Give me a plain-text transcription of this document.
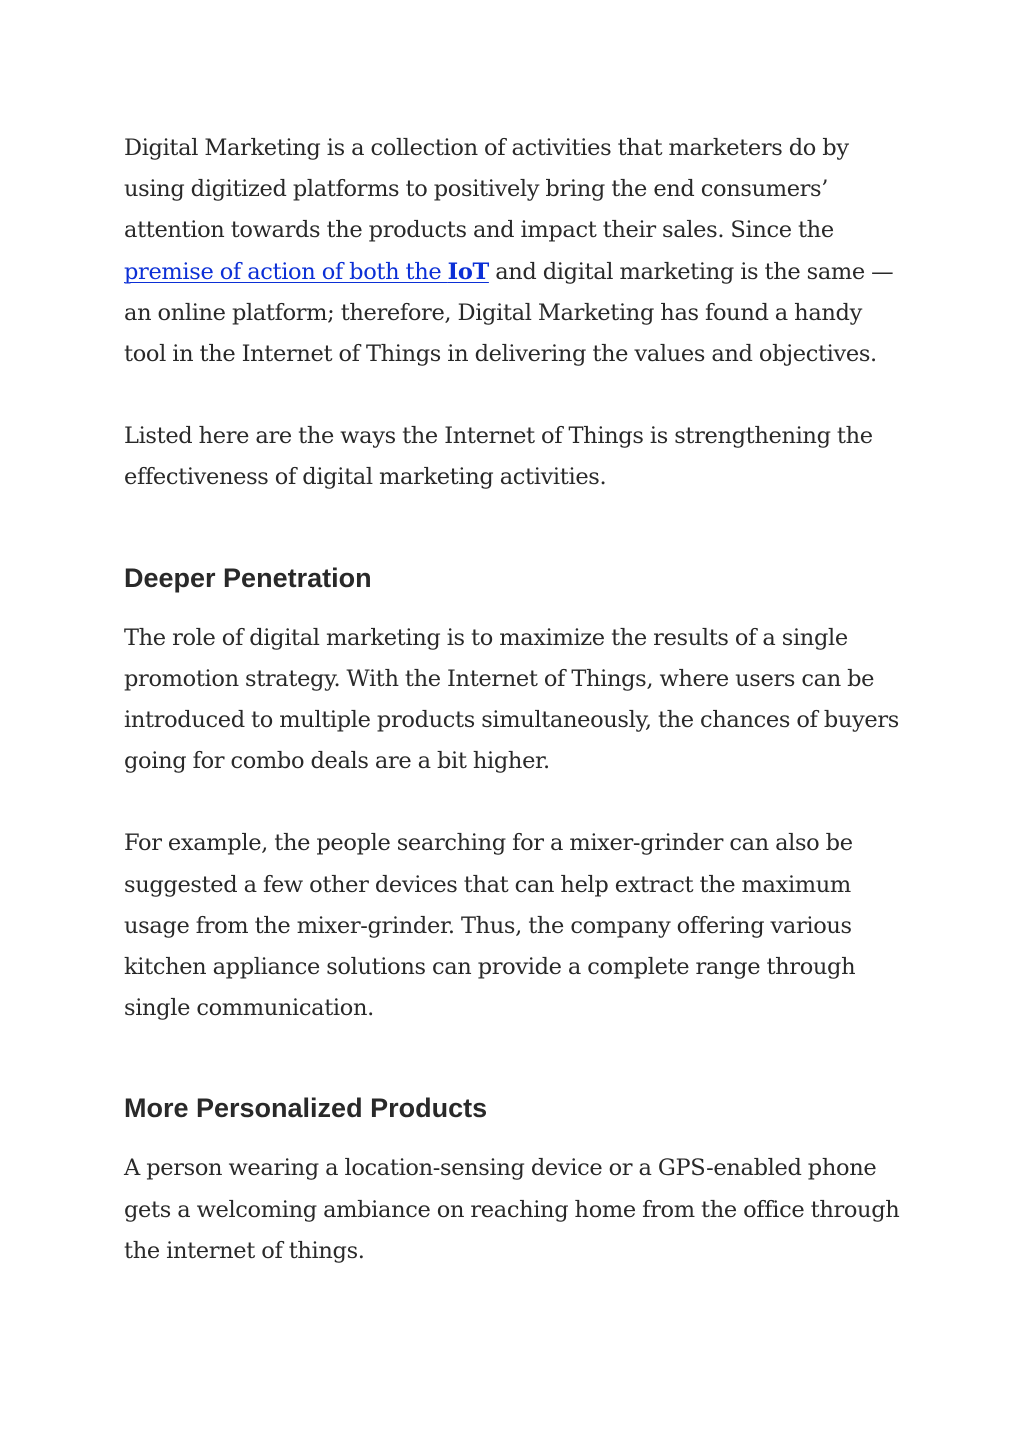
Digital Marketing is a collection of activities that marketers do by using digitized platforms to positively bring the end consumers’ attention towards the products and impact their sales. Since the premise of action of both the IoT and digital marketing is the same — an online platform; therefore, Digital Marketing has found a handy tool in the Internet of Things in delivering the values and objectives.

Listed here are the ways the Internet of Things is strengthening the effectiveness of digital marketing activities.

Deeper Penetration

The role of digital marketing is to maximize the results of a single promotion strategy. With the Internet of Things, where users can be introduced to multiple products simultaneously, the chances of buyers going for combo deals are a bit higher.

For example, the people searching for a mixer-grinder can also be suggested a few other devices that can help extract the maximum usage from the mixer-grinder. Thus, the company offering various kitchen appliance solutions can provide a complete range through single communication.

More Personalized Products

A person wearing a location-sensing device or a GPS-enabled phone gets a welcoming ambiance on reaching home from the office through the internet of things.
